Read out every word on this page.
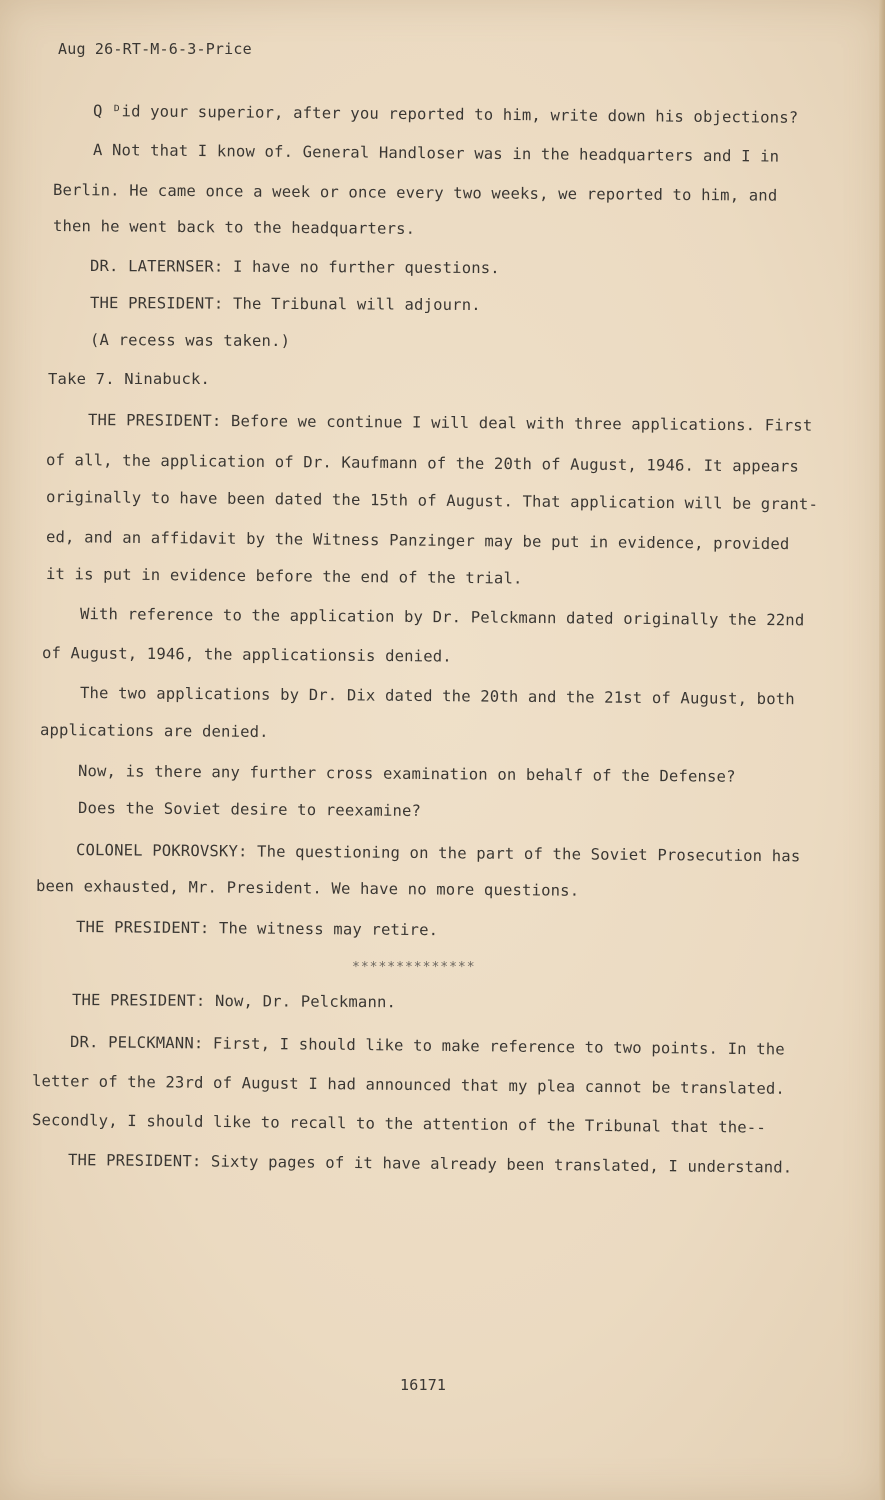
Aug 26-RT-M-6-3-Price
Q ᴰid your superior, after you reported to him, write down his objections?
A Not that I know of. General Handloser was in the headquarters and I in
Berlin. He came once a week or once every two weeks, we reported to him, and
then he went back to the headquarters.
DR. LATERNSER: I have no further questions.
THE PRESIDENT: The Tribunal will adjourn.
(A recess was taken.)
Take 7. Ninabuck.
THE PRESIDENT: Before we continue I will deal with three applications. First
of all, the application of Dr. Kaufmann of the 20th of August, 1946. It appears
originally to have been dated the 15th of August. That application will be grant-
ed, and an affidavit by the Witness Panzinger may be put in evidence, provided
it is put in evidence before the end of the trial.
With reference to the application by Dr. Pelckmann dated originally the 22nd
of August, 1946, the applicationsis denied.
The two applications by Dr. Dix dated the 20th and the 21st of August, both
applications are denied.
Now, is there any further cross examination on behalf of the Defense?
Does the Soviet desire to reexamine?
COLONEL POKROVSKY: The questioning on the part of the Soviet Prosecution has
been exhausted, Mr. President. We have no more questions.
THE PRESIDENT: The witness may retire.
**************
THE PRESIDENT: Now, Dr. Pelckmann.
DR. PELCKMANN: First, I should like to make reference to two points. In the
letter of the 23rd of August I had announced that my plea cannot be translated.
Secondly, I should like to recall to the attention of the Tribunal that the--
THE PRESIDENT: Sixty pages of it have already been translated, I understand.
16171
